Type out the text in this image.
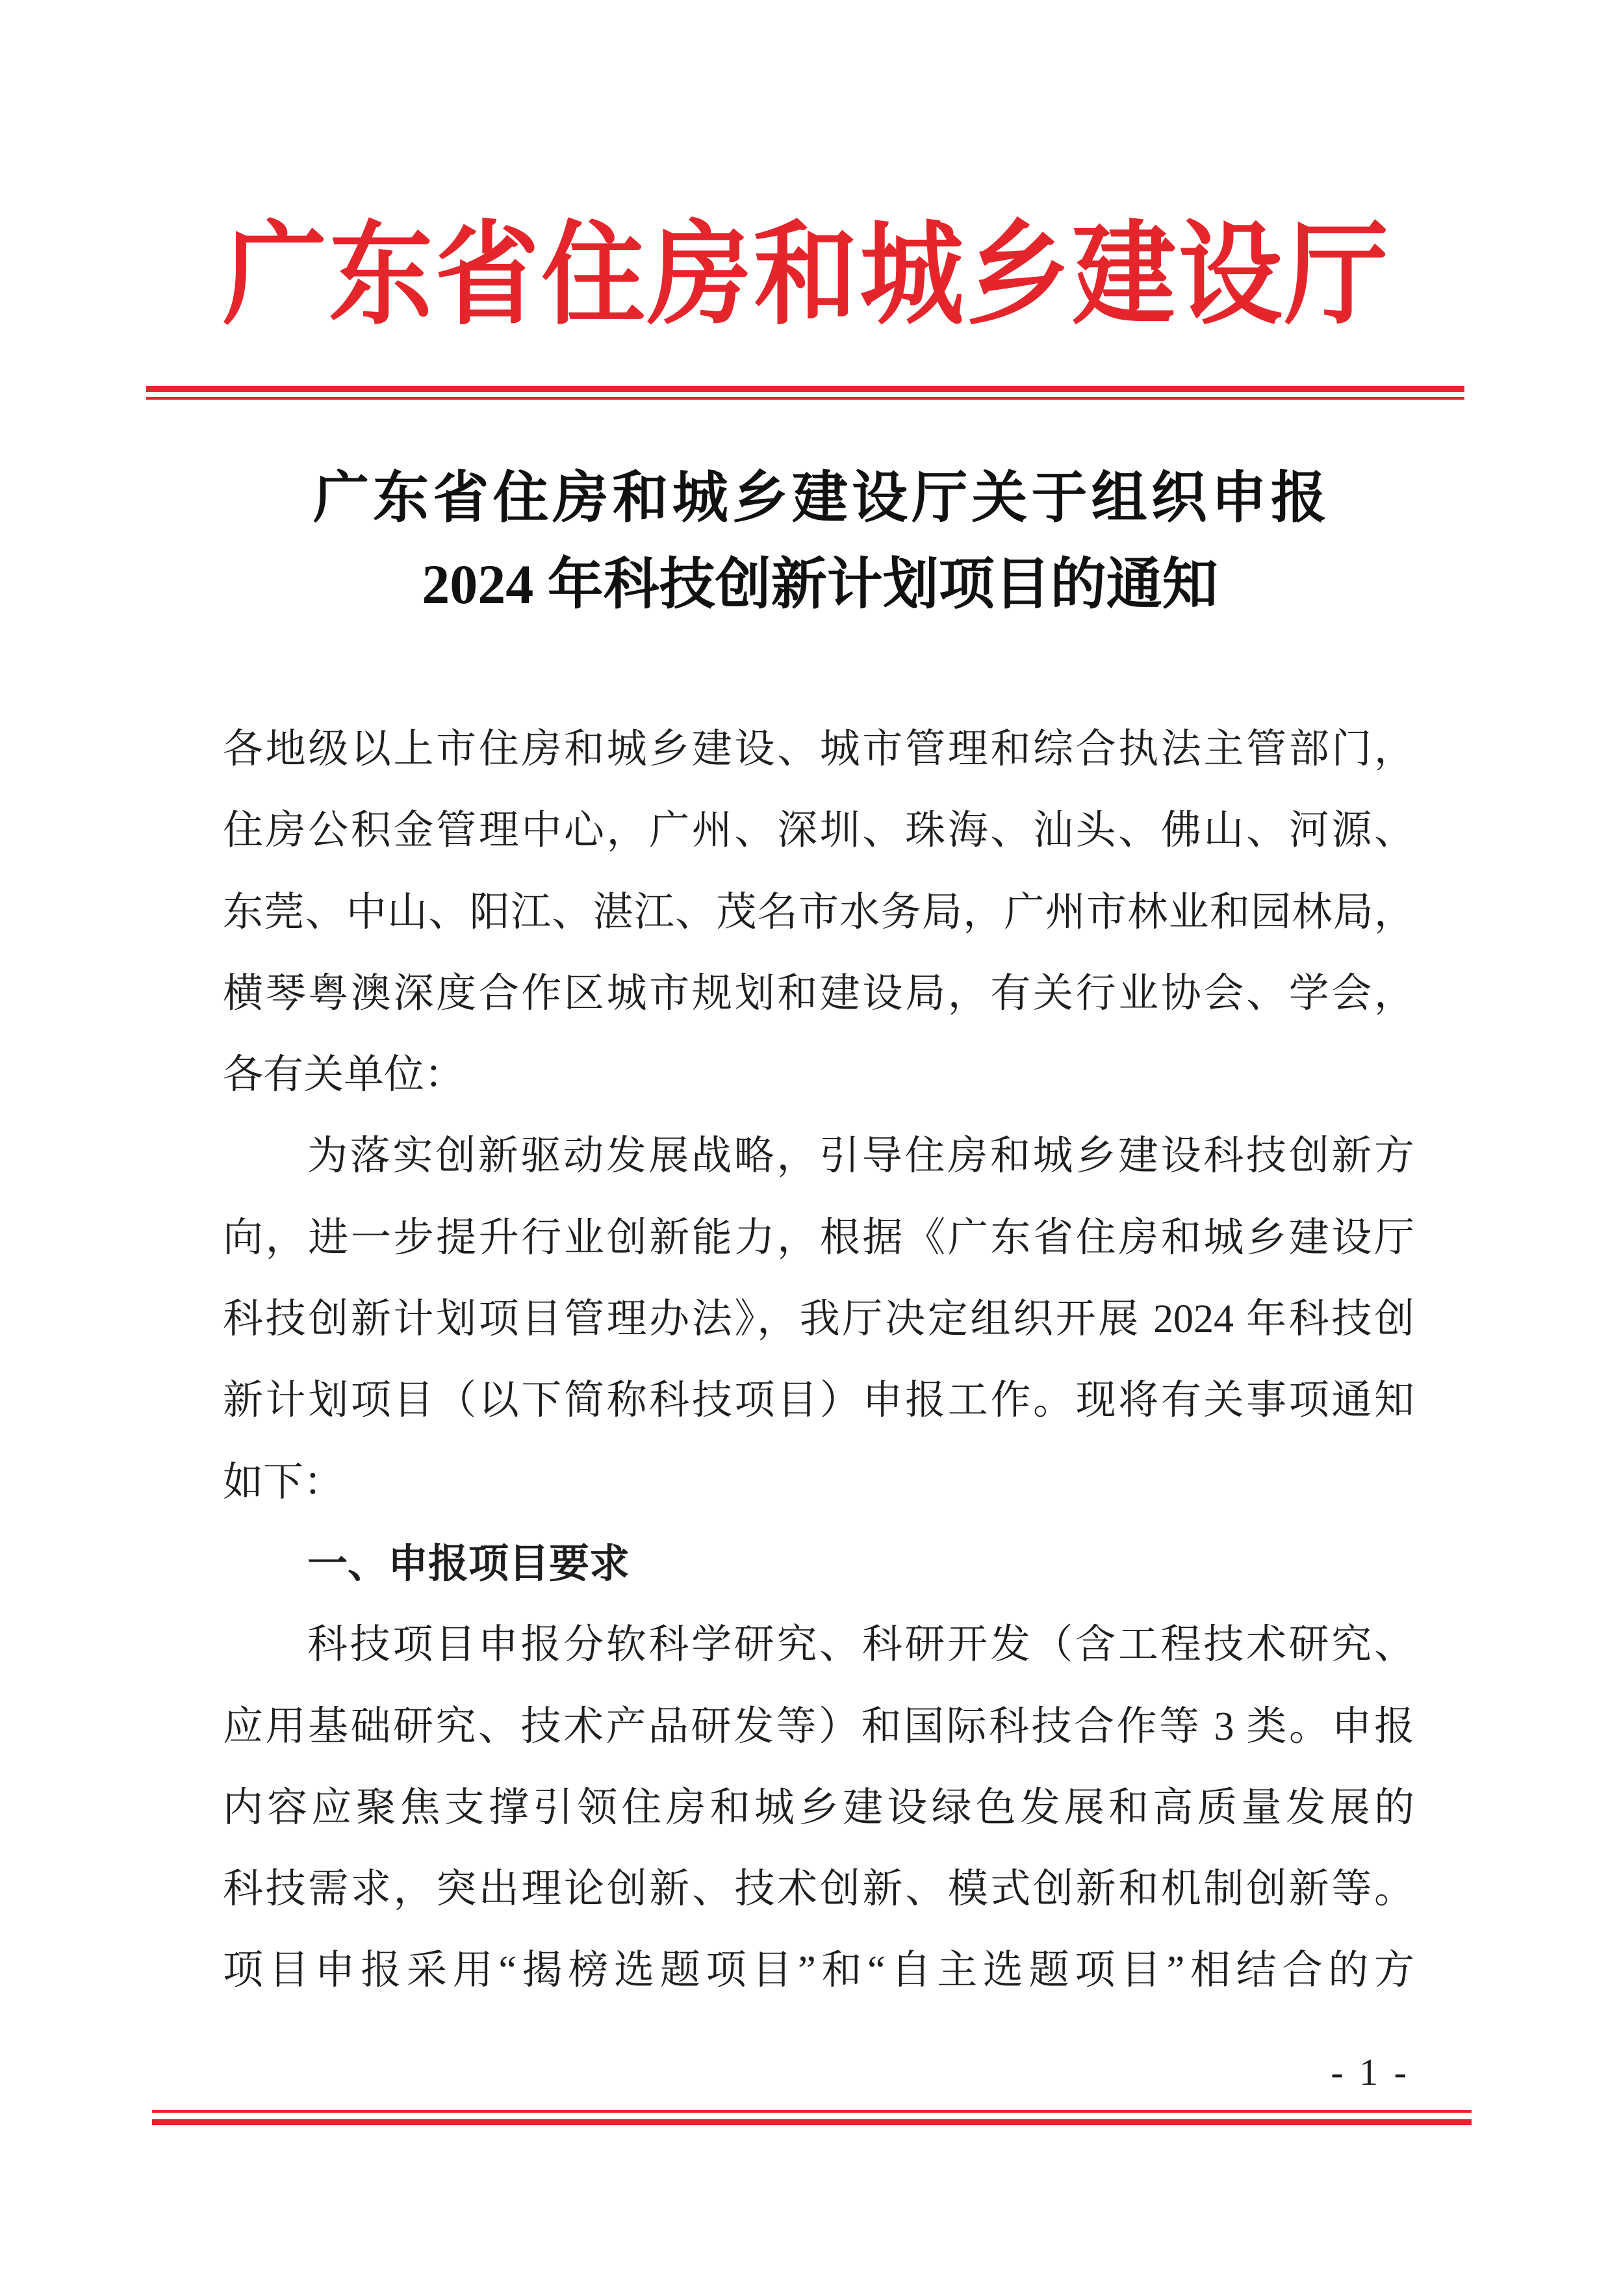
广东省住房和城乡建设厅
广东省住房和城乡建设厅关于组织申报
2024 年科技创新计划项目的通知
各地级以上市住房和城乡建设、城市管理和综合执法主管部门，
住房公积金管理中心，广州、深圳、珠海、汕头、佛山、河源、
东莞、中山、阳江、湛江、茂名市水务局，广州市林业和园林局，
横琴粤澳深度合作区城市规划和建设局，有关行业协会、学会，
各有关单位：
为落实创新驱动发展战略，引导住房和城乡建设科技创新方
向，进一步提升行业创新能力，根据《广东省住房和城乡建设厅
科技创新计划项目管理办法》，我厅决定组织开展 2024 年科技创
新计划项目（以下简称科技项目）申报工作。现将有关事项通知
如下：
一、申报项目要求
科技项目申报分软科学研究、科研开发（含工程技术研究、
应用基础研究、技术产品研发等）和国际科技合作等 3 类。申报
内容应聚焦支撑引领住房和城乡建设绿色发展和高质量发展的
科技需求，突出理论创新、技术创新、模式创新和机制创新等。
项目申报采用“揭榜选题项目”和“自主选题项目”相结合的方
- 1 -
